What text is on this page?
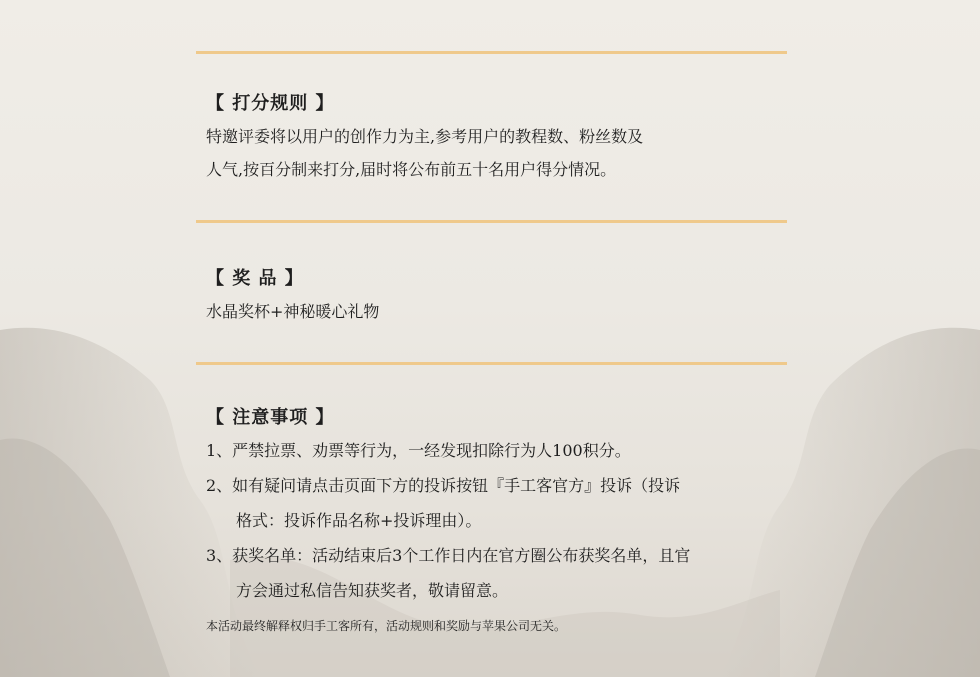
【 打分规则 】
特邀评委将以用户的创作力为主,参考用户的教程数、粉丝数及
人气,按百分制来打分,届时将公布前五十名用户得分情况。
【 奖 品 】
水晶奖杯+神秘暖心礼物
【 注意事项 】
1、严禁拉票、劝票等行为，一经发现扣除行为人100积分。
2、如有疑问请点击页面下方的投诉按钮『手工客官方』投诉（投诉
格式：投诉作品名称+投诉理由）。
3、获奖名单：活动结束后3个工作日内在官方圈公布获奖名单，且官
方会通过私信告知获奖者，敬请留意。
本活动最终解释权归手工客所有，活动规则和奖励与苹果公司无关。
